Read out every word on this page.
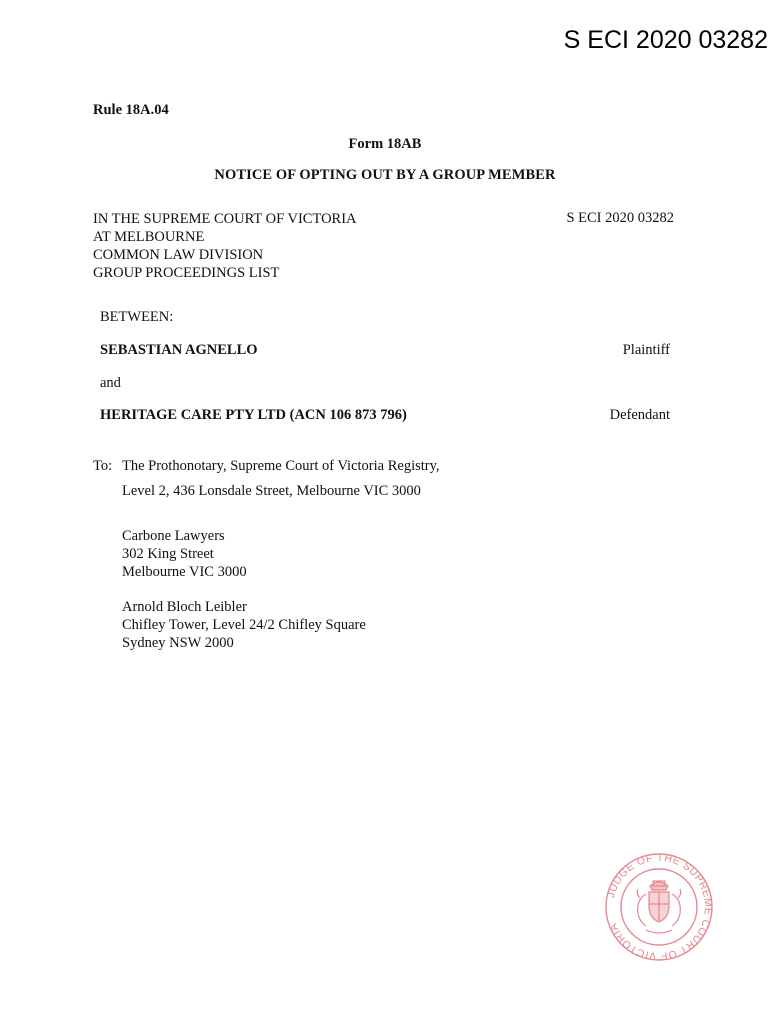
S ECI 2020 03282
Rule 18A.04
Form 18AB
NOTICE OF OPTING OUT BY A GROUP MEMBER
IN THE SUPREME COURT OF VICTORIA
AT MELBOURNE
COMMON LAW DIVISION
GROUP PROCEEDINGS LIST
S ECI 2020 03282
BETWEEN:
SEBASTIAN AGNELLO	Plaintiff
and
HERITAGE CARE PTY LTD (ACN 106 873 796)	Defendant
To: The Prothonotary, Supreme Court of Victoria Registry,
Level 2, 436 Lonsdale Street, Melbourne VIC 3000
Carbone Lawyers
302 King Street
Melbourne VIC 3000
Arnold Bloch Leibler
Chifley Tower, Level 24/2 Chifley Square
Sydney NSW 2000
JUDGE OF THE SUPREME COURT OF VICTORIA
